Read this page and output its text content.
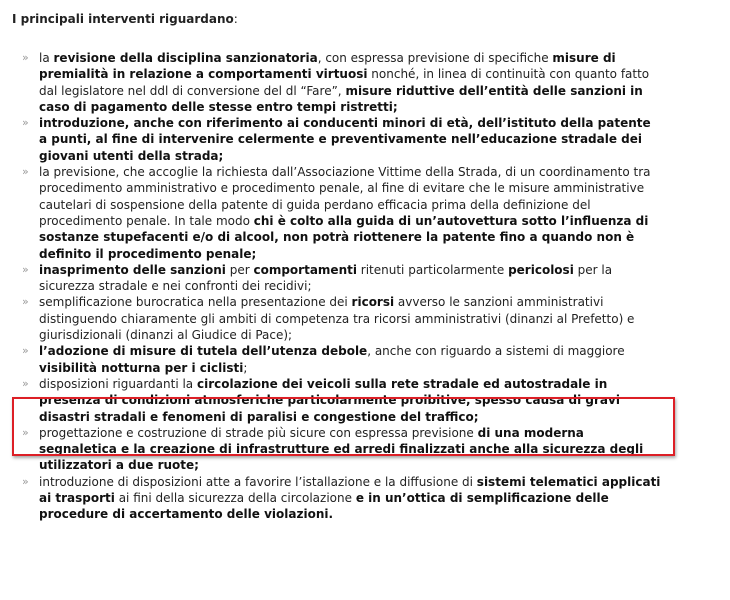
I principali interventi riguardano:
» la revisione della disciplina sanzionatoria, con espressa previsione di specifiche misure di premialità in relazione a comportamenti virtuosi nonché, in linea di continuità con quanto fatto dal legislatore nel ddl di conversione del dl “Fare”, misure riduttive dell’entità delle sanzioni in caso di pagamento delle stesse entro tempi ristretti;
» introduzione, anche con riferimento ai conducenti minori di età, dell’istituto della patente a punti, al fine di intervenire celermente e preventivamente nell’educazione stradale dei giovani utenti della strada;
» la previsione, che accoglie la richiesta dall’Associazione Vittime della Strada, di un coordinamento tra procedimento amministrativo e procedimento penale, al fine di evitare che le misure amministrative cautelari di sospensione della patente di guida perdano efficacia prima della definizione del procedimento penale. In tale modo chi è colto alla guida di un’autovettura sotto l’influenza di sostanze stupefacenti e/o di alcool, non potrà riottenere la patente fino a quando non è definito il procedimento penale;
» inasprimento delle sanzioni per comportamenti ritenuti particolarmente pericolosi per la sicurezza stradale e nei confronti dei recidivi;
» semplificazione burocratica nella presentazione dei ricorsi avverso le sanzioni amministrativi distinguendo chiaramente gli ambiti di competenza tra ricorsi amministrativi (dinanzi al Prefetto) e giurisdizionali (dinanzi al Giudice di Pace);
» l’adozione di misure di tutela dell’utenza debole, anche con riguardo a sistemi di maggiore visibilità notturna per i ciclisti;
» disposizioni riguardanti la circolazione dei veicoli sulla rete stradale ed autostradale in presenza di condizioni atmosferiche particolarmente proibitive, spesso causa di gravi disastri stradali e fenomeni di paralisi e congestione del traffico;
» progettazione e costruzione di strade più sicure con espressa previsione di una moderna segnaletica e la creazione di infrastrutture ed arredi finalizzati anche alla sicurezza degli utilizzatori a due ruote;
» introduzione di disposizioni atte a favorire l’istallazione e la diffusione di sistemi telematici applicati ai trasporti ai fini della sicurezza della circolazione e in un’ottica di semplificazione delle procedure di accertamento delle violazioni.
